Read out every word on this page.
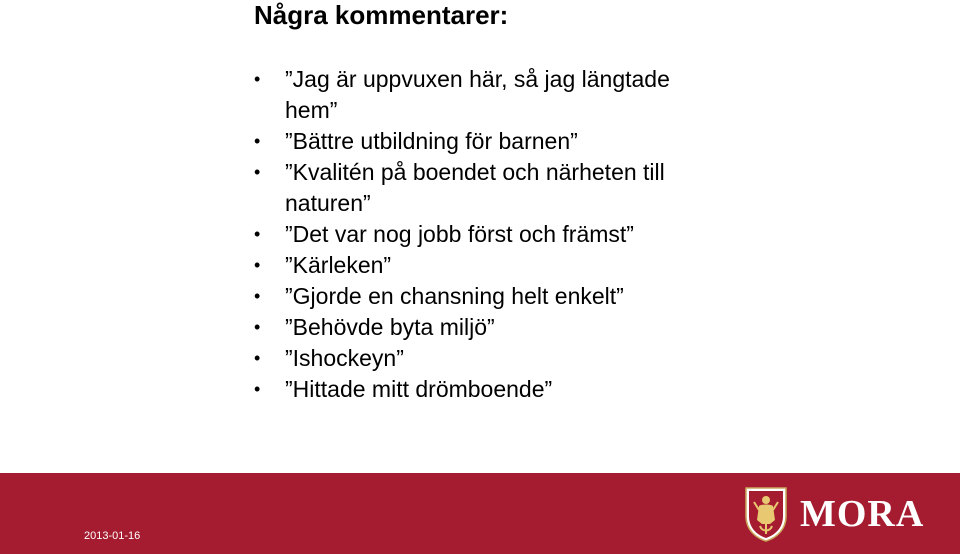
Några kommentarer:
• ”Jag är uppvuxen här, så jag längtade hem”
• ”Bättre utbildning för barnen”
• ”Kvalitén på boendet och närheten till naturen”
• ”Det var nog jobb först och främst”
• ”Kärleken”
• ”Gjorde en chansning helt enkelt”
• ”Behövde byta miljö”
• ”Ishockeyn”
• ”Hittade mitt drömboende”
2013-01-16
MORA
